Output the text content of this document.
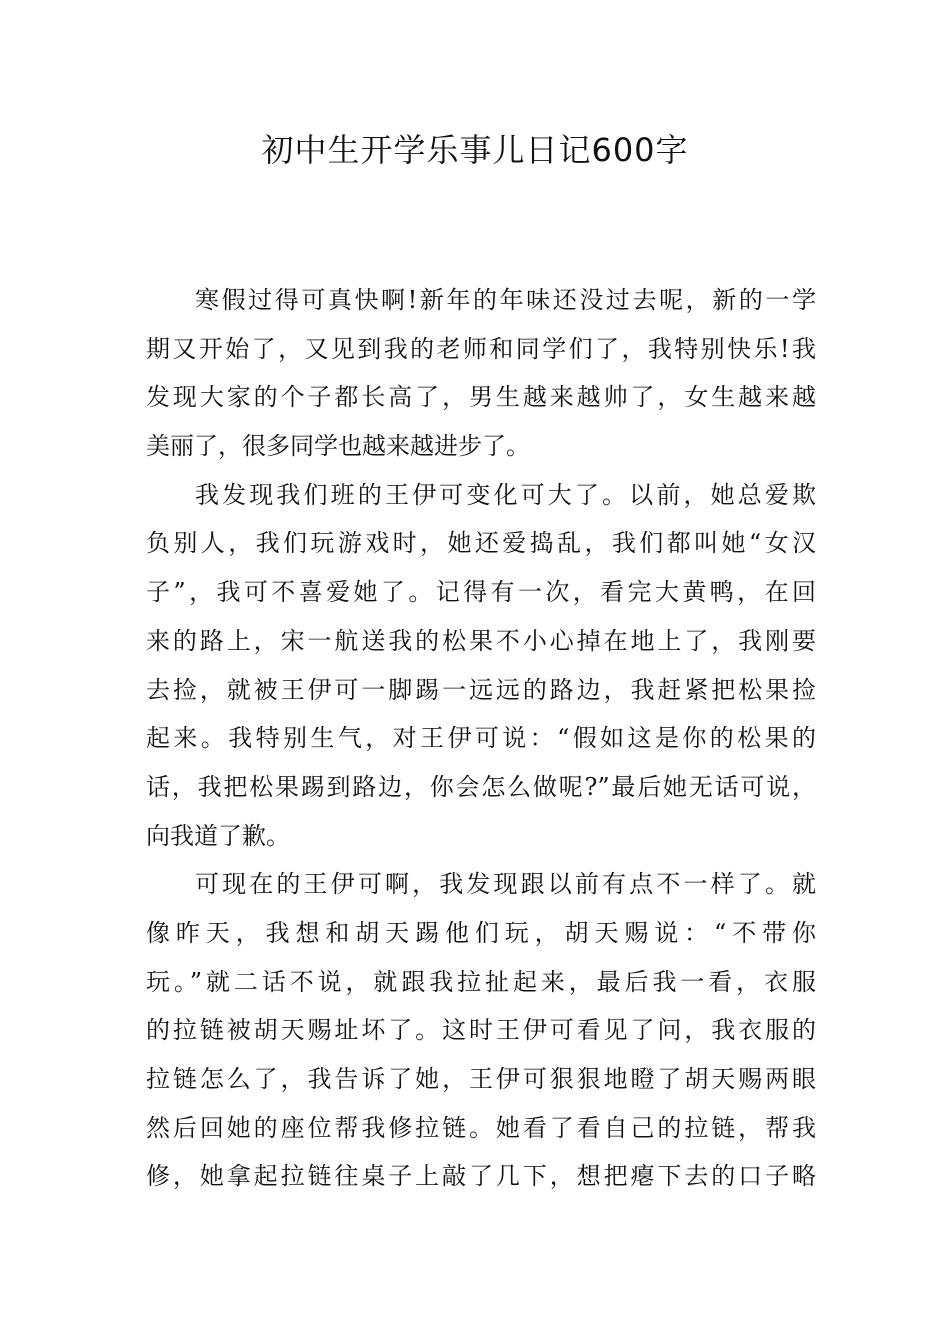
初中生开学乐事儿日记600字
寒假过得可真快啊!新年的年味还没过去呢，新的一学
期又开始了，又见到我的老师和同学们了，我特别快乐!我
发现大家的个子都长高了，男生越来越帅了，女生越来越
美丽了，很多同学也越来越进步了。
我发现我们班的王伊可变化可大了。以前，她总爱欺
负别人，我们玩游戏时，她还爱捣乱，我们都叫她“女汉
子”，我可不喜爱她了。记得有一次，看完大黄鸭，在回
来的路上，宋一航送我的松果不小心掉在地上了，我刚要
去捡，就被王伊可一脚踢一远远的路边，我赶紧把松果捡
起来。我特别生气，对王伊可说：“假如这是你的松果的
话，我把松果踢到路边，你会怎么做呢?”最后她无话可说，
向我道了歉。
可现在的王伊可啊，我发现跟以前有点不一样了。就
像昨天，我想和胡天踢他们玩，胡天赐说：“不带你
玩。”就二话不说，就跟我拉扯起来，最后我一看，衣服
的拉链被胡天赐址坏了。这时王伊可看见了问，我衣服的
拉链怎么了，我告诉了她，王伊可狠狠地瞪了胡天赐两眼
然后回她的座位帮我修拉链。她看了看自己的拉链，帮我
修，她拿起拉链往桌子上敲了几下，想把瘪下去的口子略
